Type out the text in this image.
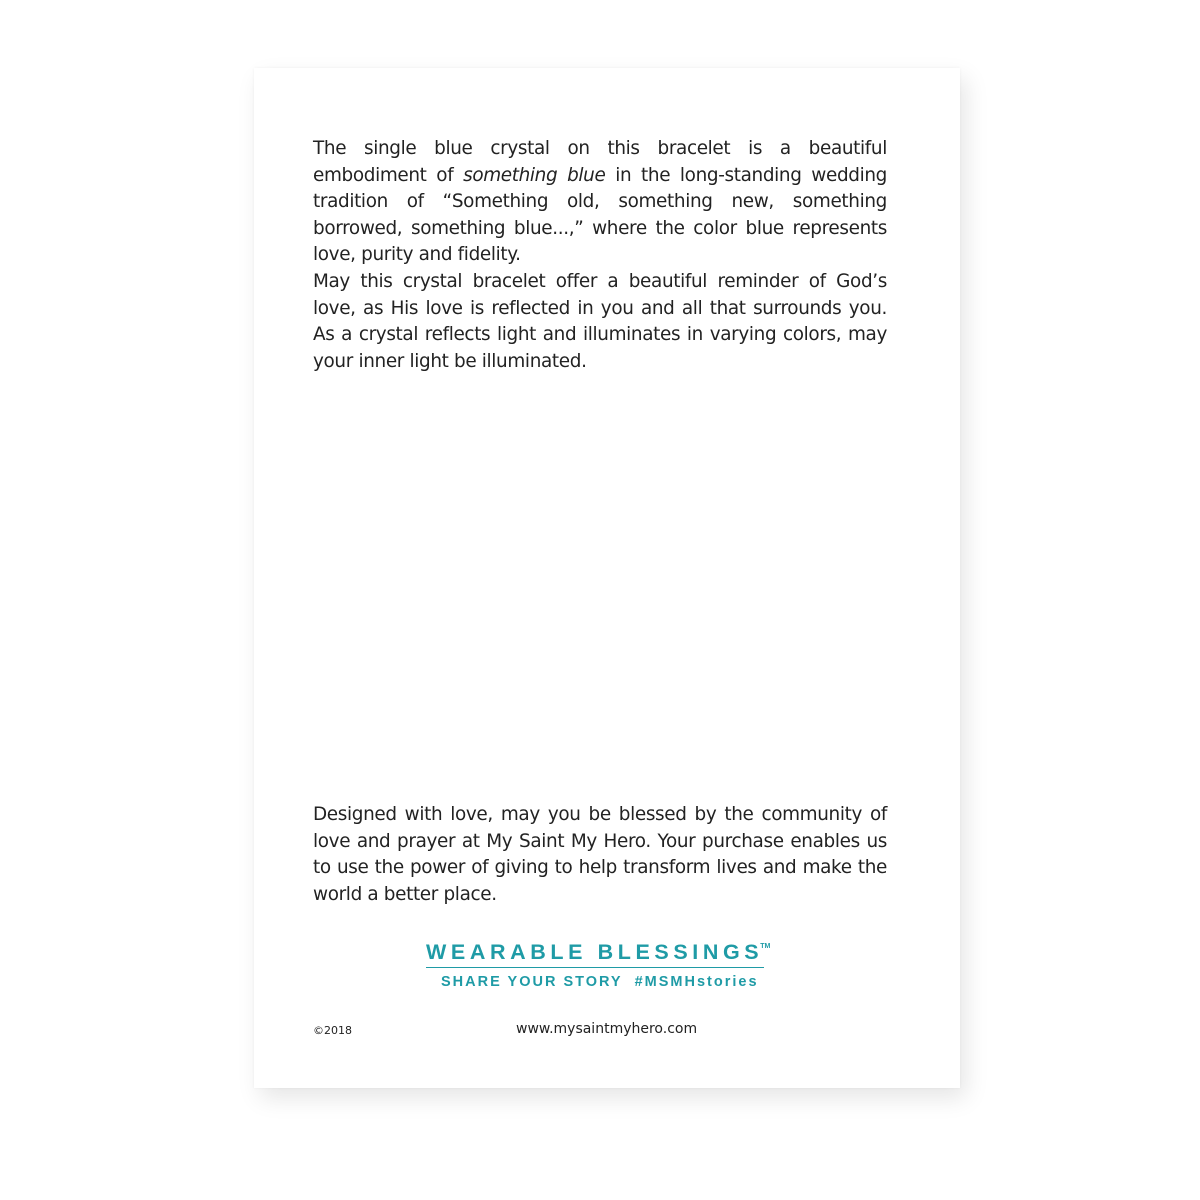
The single blue crystal on this bracelet is a beautiful embodiment of something blue in the long-standing wedding tradition of “Something old, something new, something borrowed, something blue...,” where the color blue represents love, purity and fidelity.

May this crystal bracelet offer a beautiful reminder of God’s love, as His love is reflected in you and all that surrounds you. As a crystal reflects light and illuminates in varying colors, may your inner light be illuminated.

Designed with love, may you be blessed by the community of love and prayer at My Saint My Hero. Your purchase enables us to use the power of giving to help transform lives and make the world a better place.

WEARABLE BLESSINGS™
SHARE YOUR STORY #MSMHstories
©2018	www.mysaintmyhero.com
